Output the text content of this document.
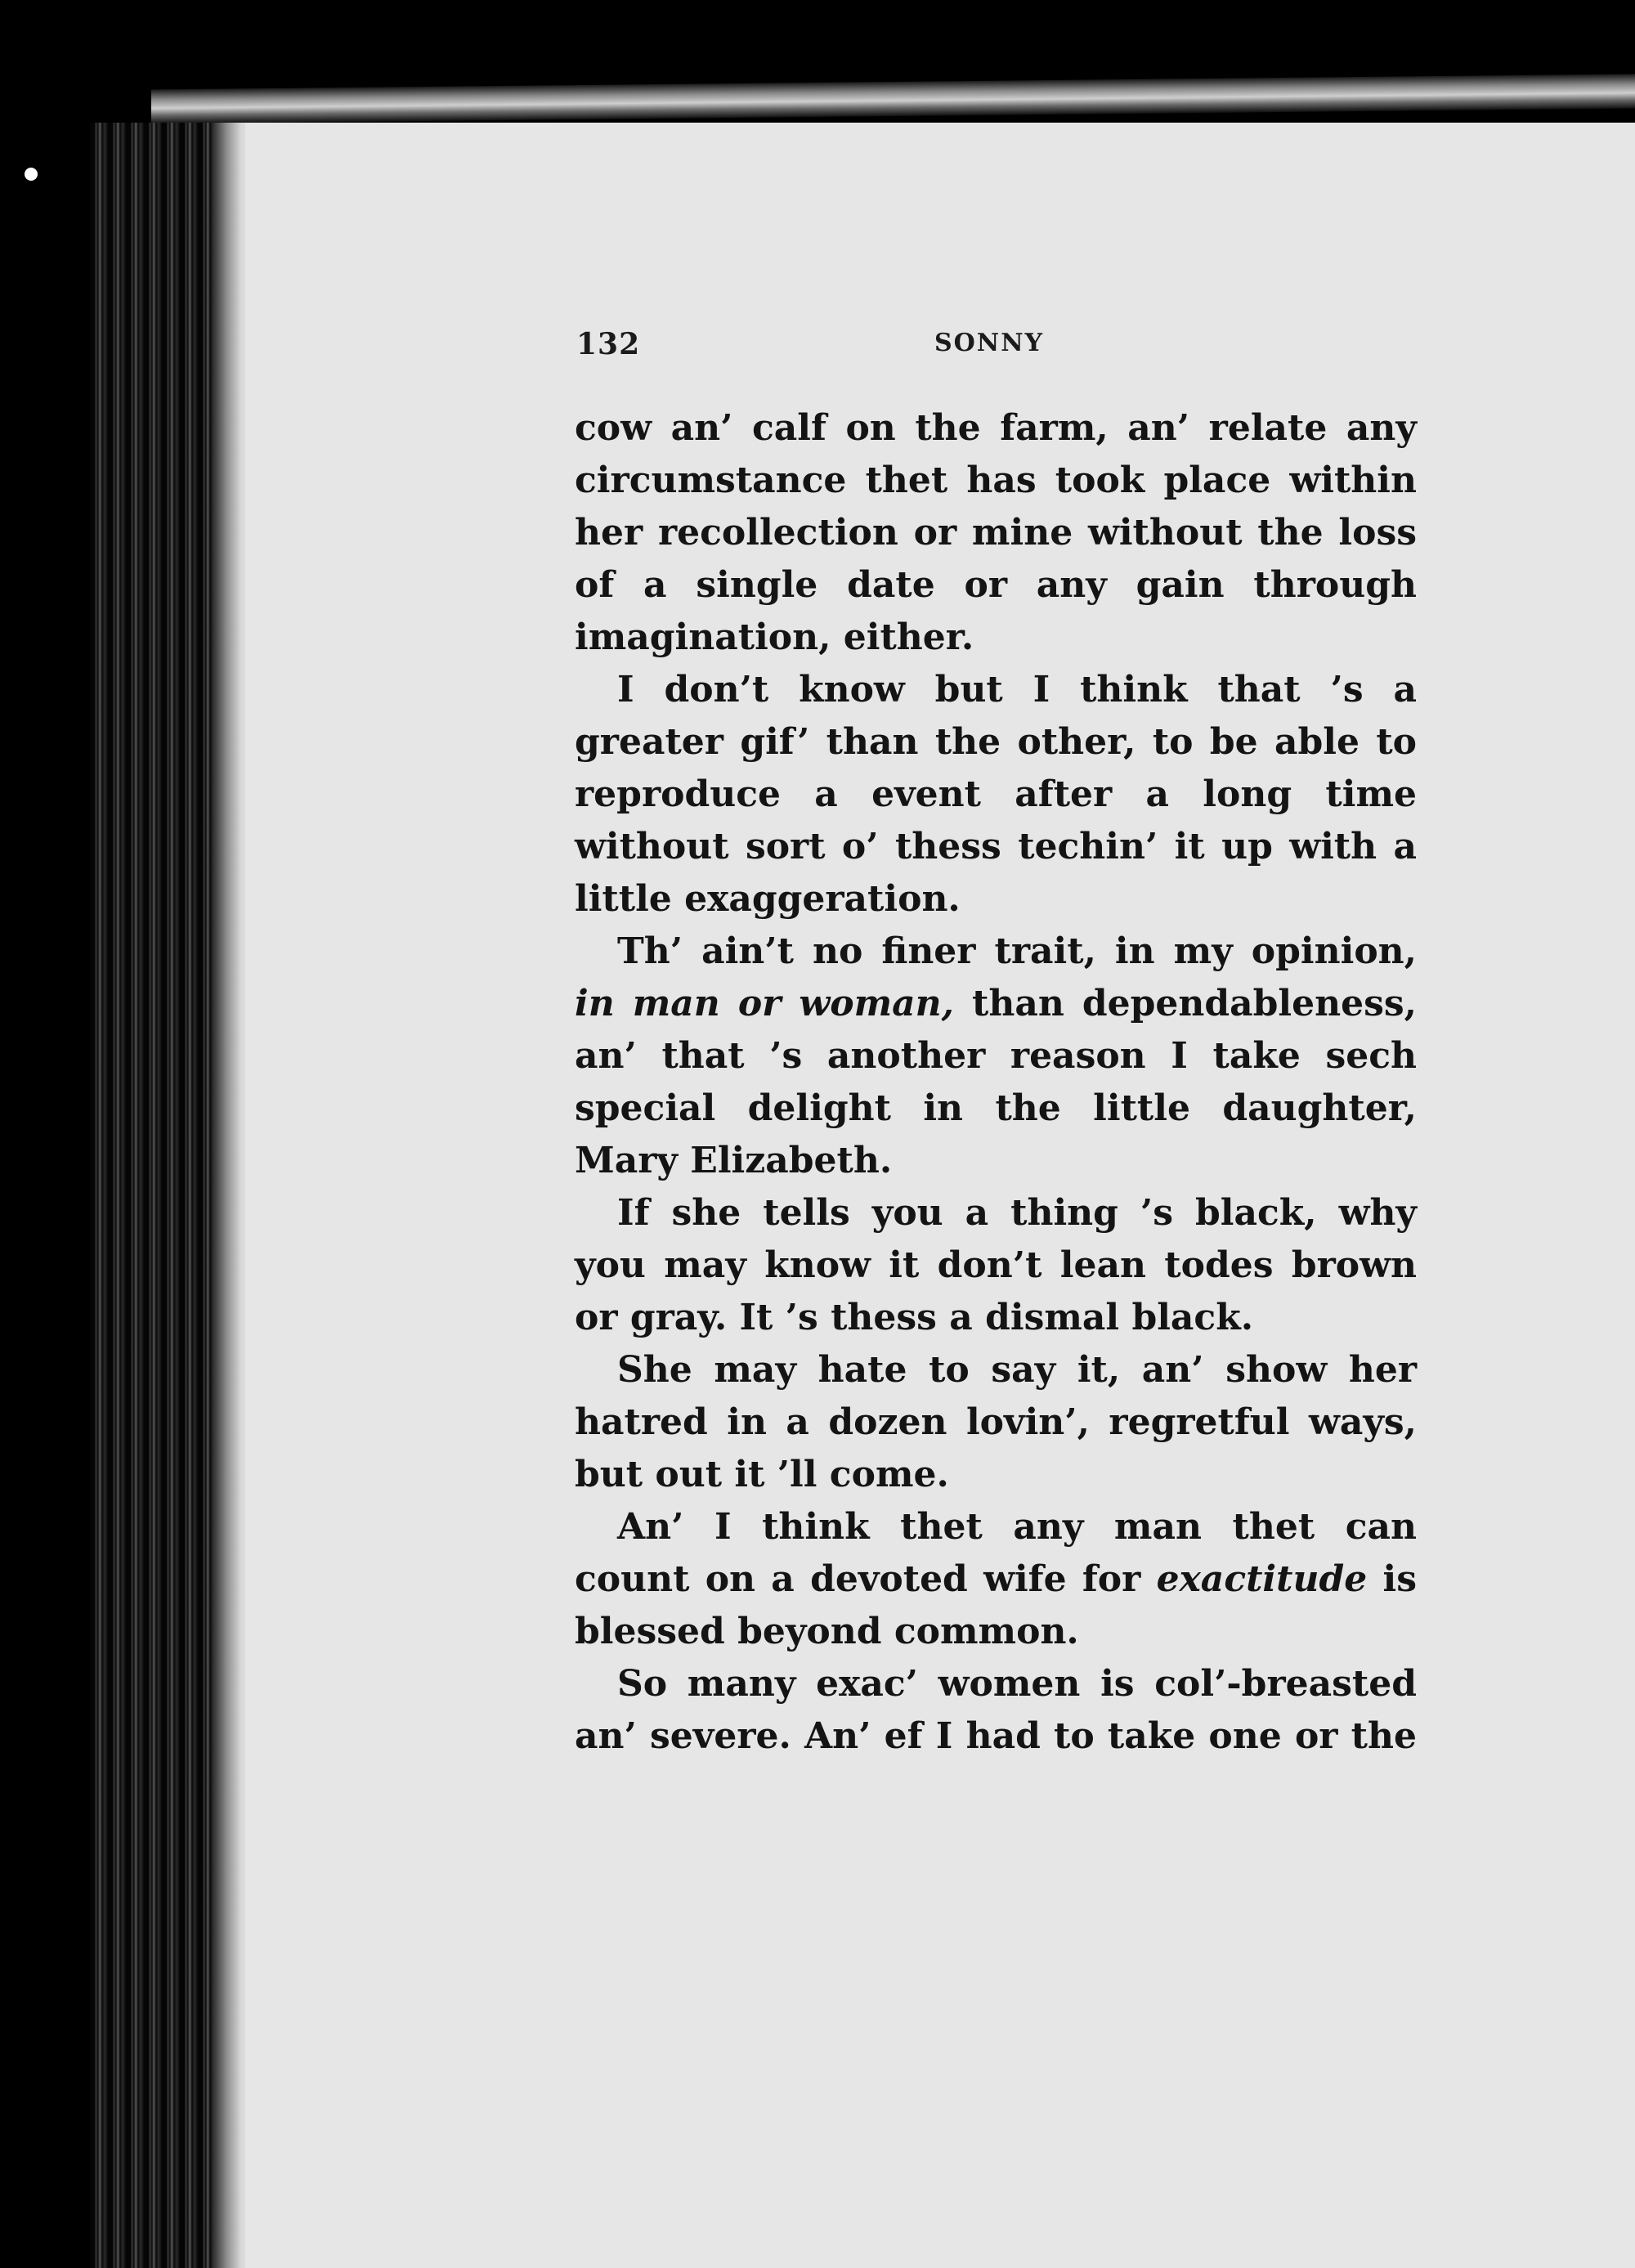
132	SONNY

cow an’ calf on the farm, an’ relate any circumstance thet has took place within her recollection or mine without the loss of a single date or any gain through imagination, either.

I don’t know but I think that ’s a greater gif’ than the other, to be able to reproduce a event after a long time without sort o’ thess techin’ it up with a little exaggeration.

Th’ ain’t no finer trait, in my opinion, in man or woman, than dependableness, an’ that ’s another reason I take sech special delight in the little daughter, Mary Elizabeth.

If she tells you a thing ’s black, why you may know it don’t lean todes brown or gray. It ’s thess a dismal black.

She may hate to say it, an’ show her hatred in a dozen lovin’, regretful ways, but out it ’ll come.

An’ I think thet any man thet can count on a devoted wife for exactitude is blessed beyond common.

So many exac’ women is col’-breasted an’ severe. An’ ef I had to take one or the
